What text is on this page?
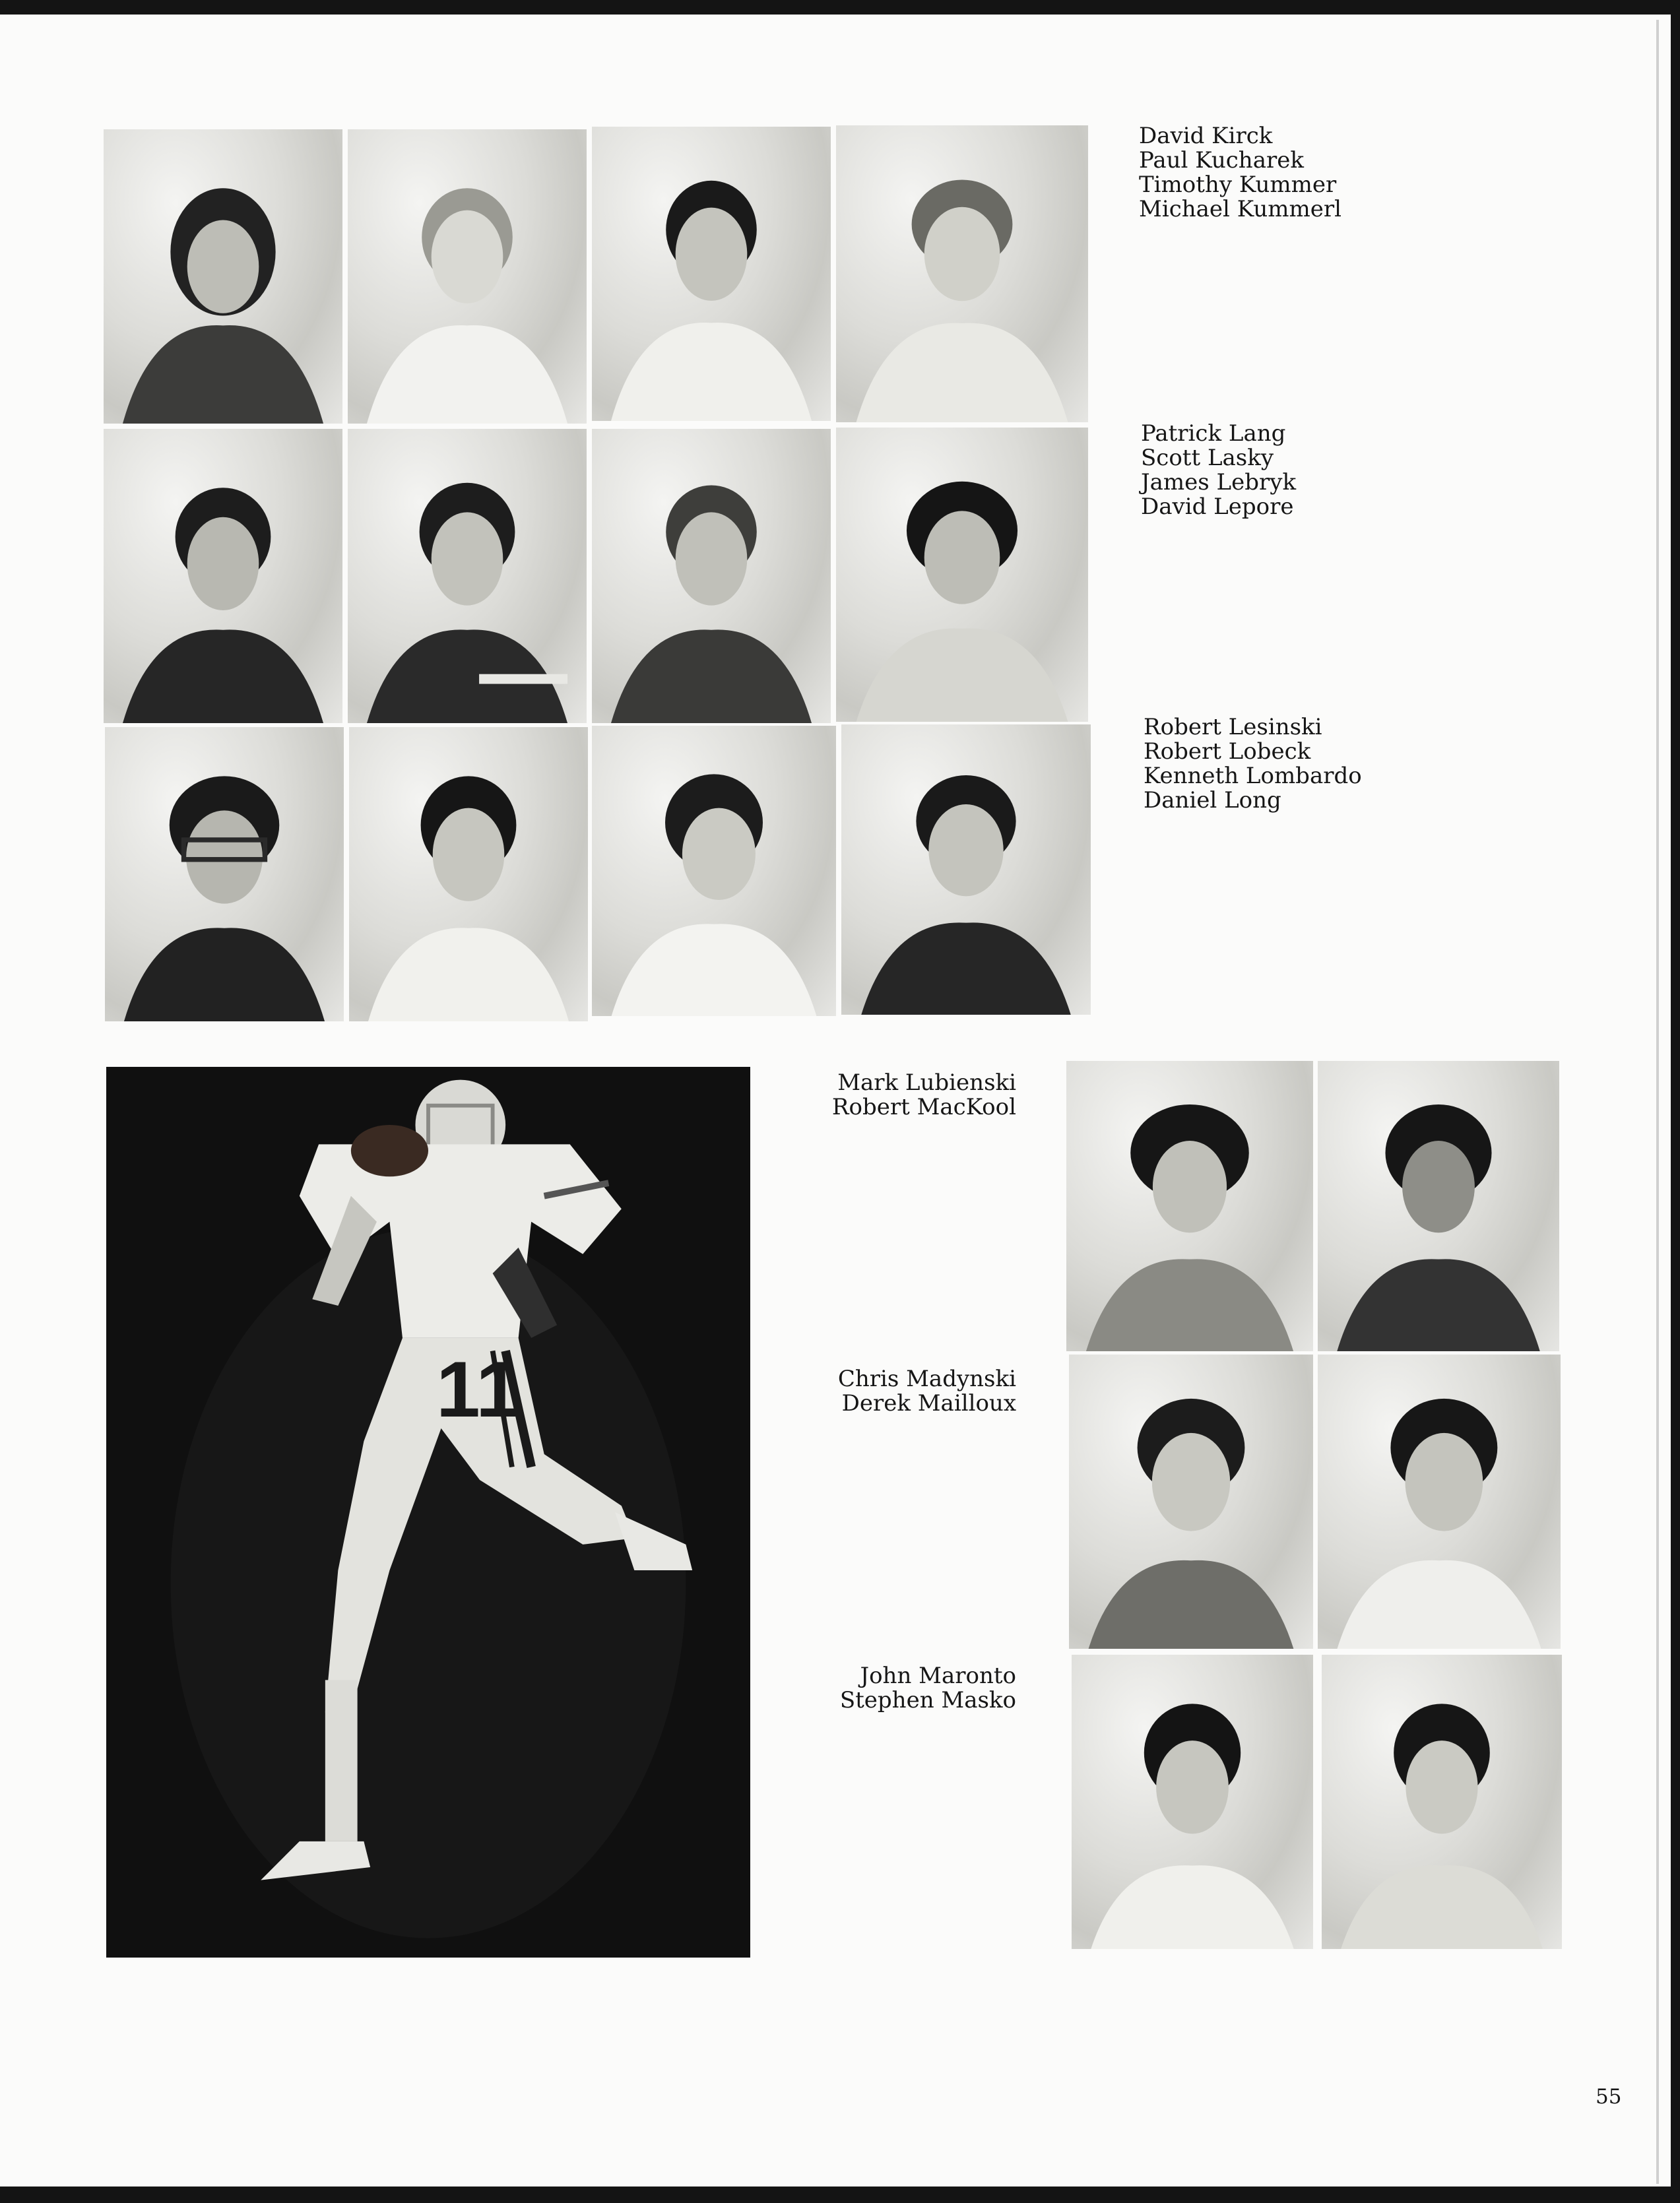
David Kirck
Paul Kucharek
Timothy Kummer
Michael Kummerl
Patrick Lang
Scott Lasky
James Lebryk
David Lepore
Robert Lesinski
Robert Lobeck
Kenneth Lombardo
Daniel Long
11
Mark Lubienski
Robert MacKool
Chris Madynski
Derek Mailloux
John Maronto
Stephen Masko
55
